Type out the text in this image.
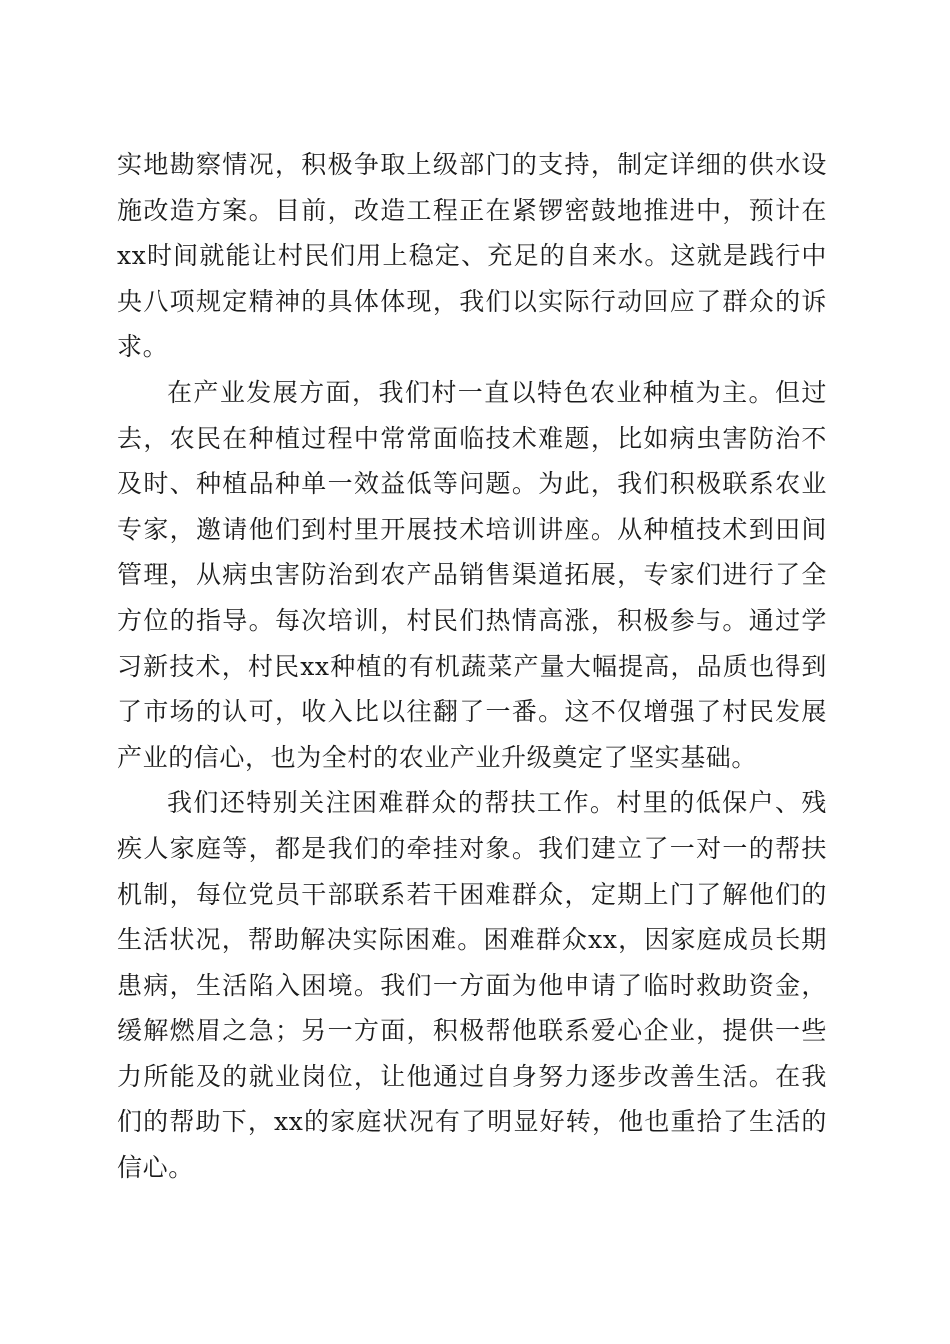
实地勘察情况，积极争取上级部门的支持，制定详细的供水设施改造方案。目前，改造工程正在紧锣密鼓地推进中，预计在xx时间就能让村民们用上稳定、充足的自来水。这就是践行中央八项规定精神的具体体现，我们以实际行动回应了群众的诉求。

在产业发展方面，我们村一直以特色农业种植为主。但过去，农民在种植过程中常常面临技术难题，比如病虫害防治不及时、种植品种单一效益低等问题。为此，我们积极联系农业专家，邀请他们到村里开展技术培训讲座。从种植技术到田间管理，从病虫害防治到农产品销售渠道拓展，专家们进行了全方位的指导。每次培训，村民们热情高涨，积极参与。通过学习新技术，村民xx种植的有机蔬菜产量大幅提高，品质也得到了市场的认可，收入比以往翻了一番。这不仅增强了村民发展产业的信心，也为全村的农业产业升级奠定了坚实基础。

我们还特别关注困难群众的帮扶工作。村里的低保户、残疾人家庭等，都是我们的牵挂对象。我们建立了一对一的帮扶机制，每位党员干部联系若干困难群众，定期上门了解他们的生活状况，帮助解决实际困难。困难群众xx，因家庭成员长期患病，生活陷入困境。我们一方面为他申请了临时救助资金，缓解燃眉之急；另一方面，积极帮他联系爱心企业，提供一些力所能及的就业岗位，让他通过自身努力逐步改善生活。在我们的帮助下，xx的家庭状况有了明显好转，他也重拾了生活的信心。
